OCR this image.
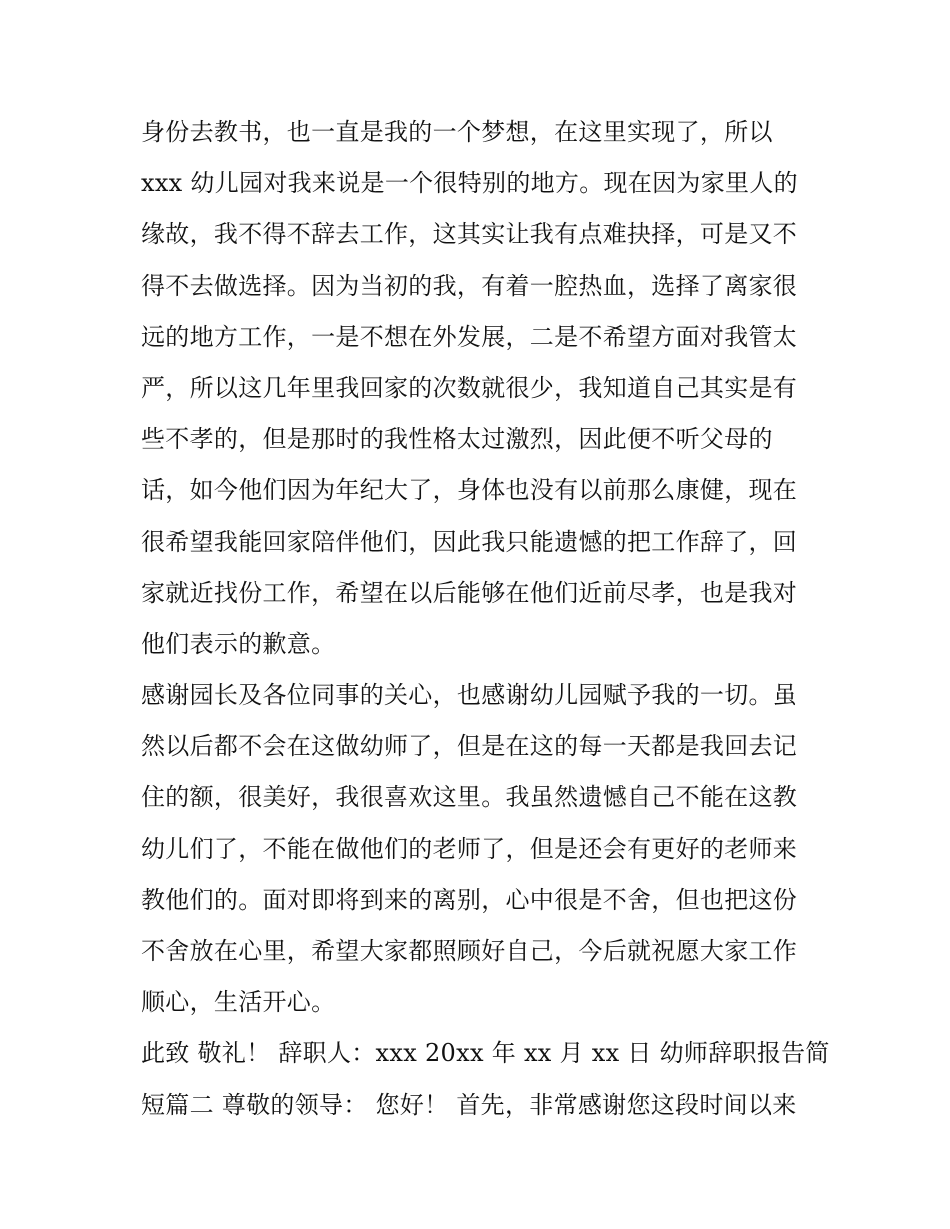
身份去教书，也一直是我的一个梦想，在这里实现了，所以
xxx 幼儿园对我来说是一个很特别的地方。现在因为家里人的
缘故，我不得不辞去工作，这其实让我有点难抉择，可是又不
得不去做选择。因为当初的我，有着一腔热血，选择了离家很
远的地方工作，一是不想在外发展，二是不希望方面对我管太
严，所以这几年里我回家的次数就很少，我知道自己其实是有
些不孝的，但是那时的我性格太过激烈，因此便不听父母的
话，如今他们因为年纪大了，身体也没有以前那么康健，现在
很希望我能回家陪伴他们，因此我只能遗憾的把工作辞了，回
家就近找份工作，希望在以后能够在他们近前尽孝，也是我对
他们表示的歉意。
感谢园长及各位同事的关心，也感谢幼儿园赋予我的一切。虽
然以后都不会在这做幼师了，但是在这的每一天都是我回去记
住的额，很美好，我很喜欢这里。我虽然遗憾自己不能在这教
幼儿们了，不能在做他们的老师了，但是还会有更好的老师来
教他们的。面对即将到来的离别，心中很是不舍，但也把这份
不舍放在心里，希望大家都照顾好自己，今后就祝愿大家工作
顺心，生活开心。
此致 敬礼！ 辞职人：xxx 20xx 年 xx 月 xx 日 幼师辞职报告简
短篇二 尊敬的领导： 您好！ 首先，非常感谢您这段时间以来
